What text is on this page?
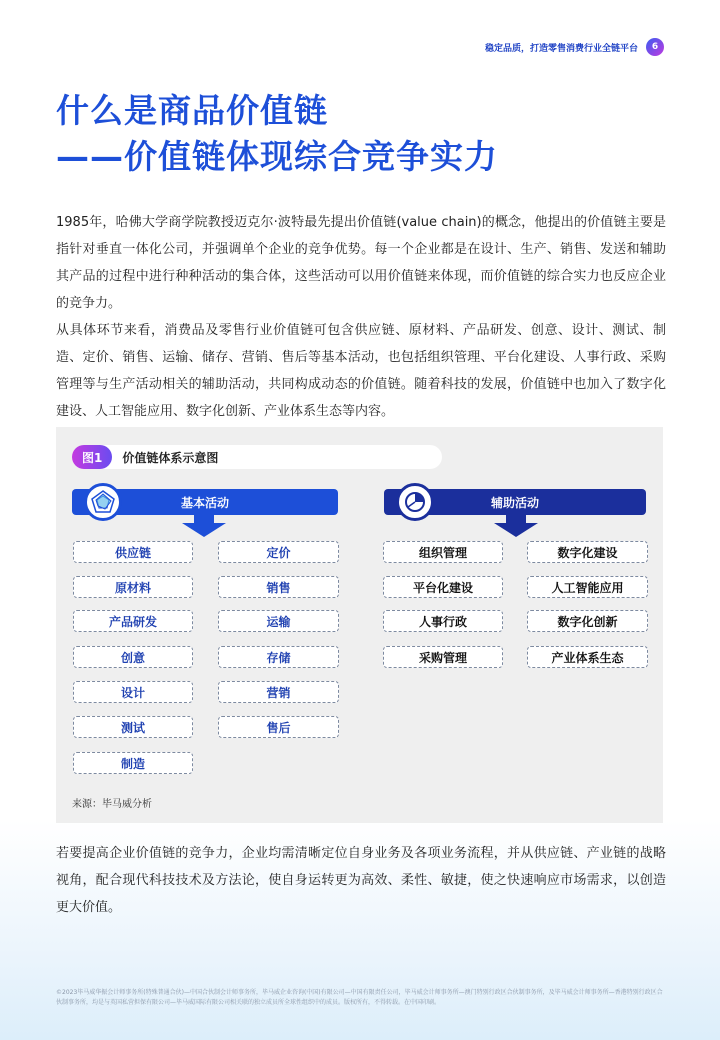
稳定品质，打造零售消费行业全链平台	6
什么是商品价值链
——价值链体现综合竞争实力

1985年，哈佛大学商学院教授迈克尔·波特最先提出价值链(value chain)的概念，他提出的价值链主要是指针对垂直一体化公司，并强调单个企业的竞争优势。每一个企业都是在设计、生产、销售、发送和辅助其产品的过程中进行种种活动的集合体，这些活动可以用价值链来体现，而价值链的综合实力也反应企业的竞争力。

从具体环节来看，消费品及零售行业价值链可包含供应链、原材料、产品研发、创意、设计、测试、制造、定价、销售、运输、储存、营销、售后等基本活动，也包括组织管理、平台化建设、人事行政、采购管理等与生产活动相关的辅助活动，共同构成动态的价值链。随着科技的发展，价值链中也加入了数字化建设、人工智能应用、数字化创新、产业体系生态等内容。

图1	价值链体系示意图
基本活动	辅助活动
供应链
原材料
产品研发
创意
设计
测试
制造
定价
销售
运输
存储
营销
售后
组织管理
平台化建设
人事行政
采购管理
数字化建设
人工智能应用
数字化创新
产业体系生态
来源：毕马威分析

若要提高企业价值链的竞争力，企业均需清晰定位自身业务及各项业务流程，并从供应链、产业链的战略视角，配合现代科技技术及方法论，使自身运转更为高效、柔性、敏捷，使之快速响应市场需求，以创造更大价值。

©2023毕马威华振会计师事务所(特殊普通合伙)—中国合伙制会计师事务所，毕马威企业咨询(中国)有限公司—中国有限责任公司，毕马威会计师事务所—澳门特别行政区合伙制事务所，及毕马威会计师事务所—香港特别行政区合伙制事务所，均是与英国私营担保有限公司—毕马威国际有限公司相关联的独立成员所全球性组织中的成员。版权所有，不得转载。在中国印刷。
